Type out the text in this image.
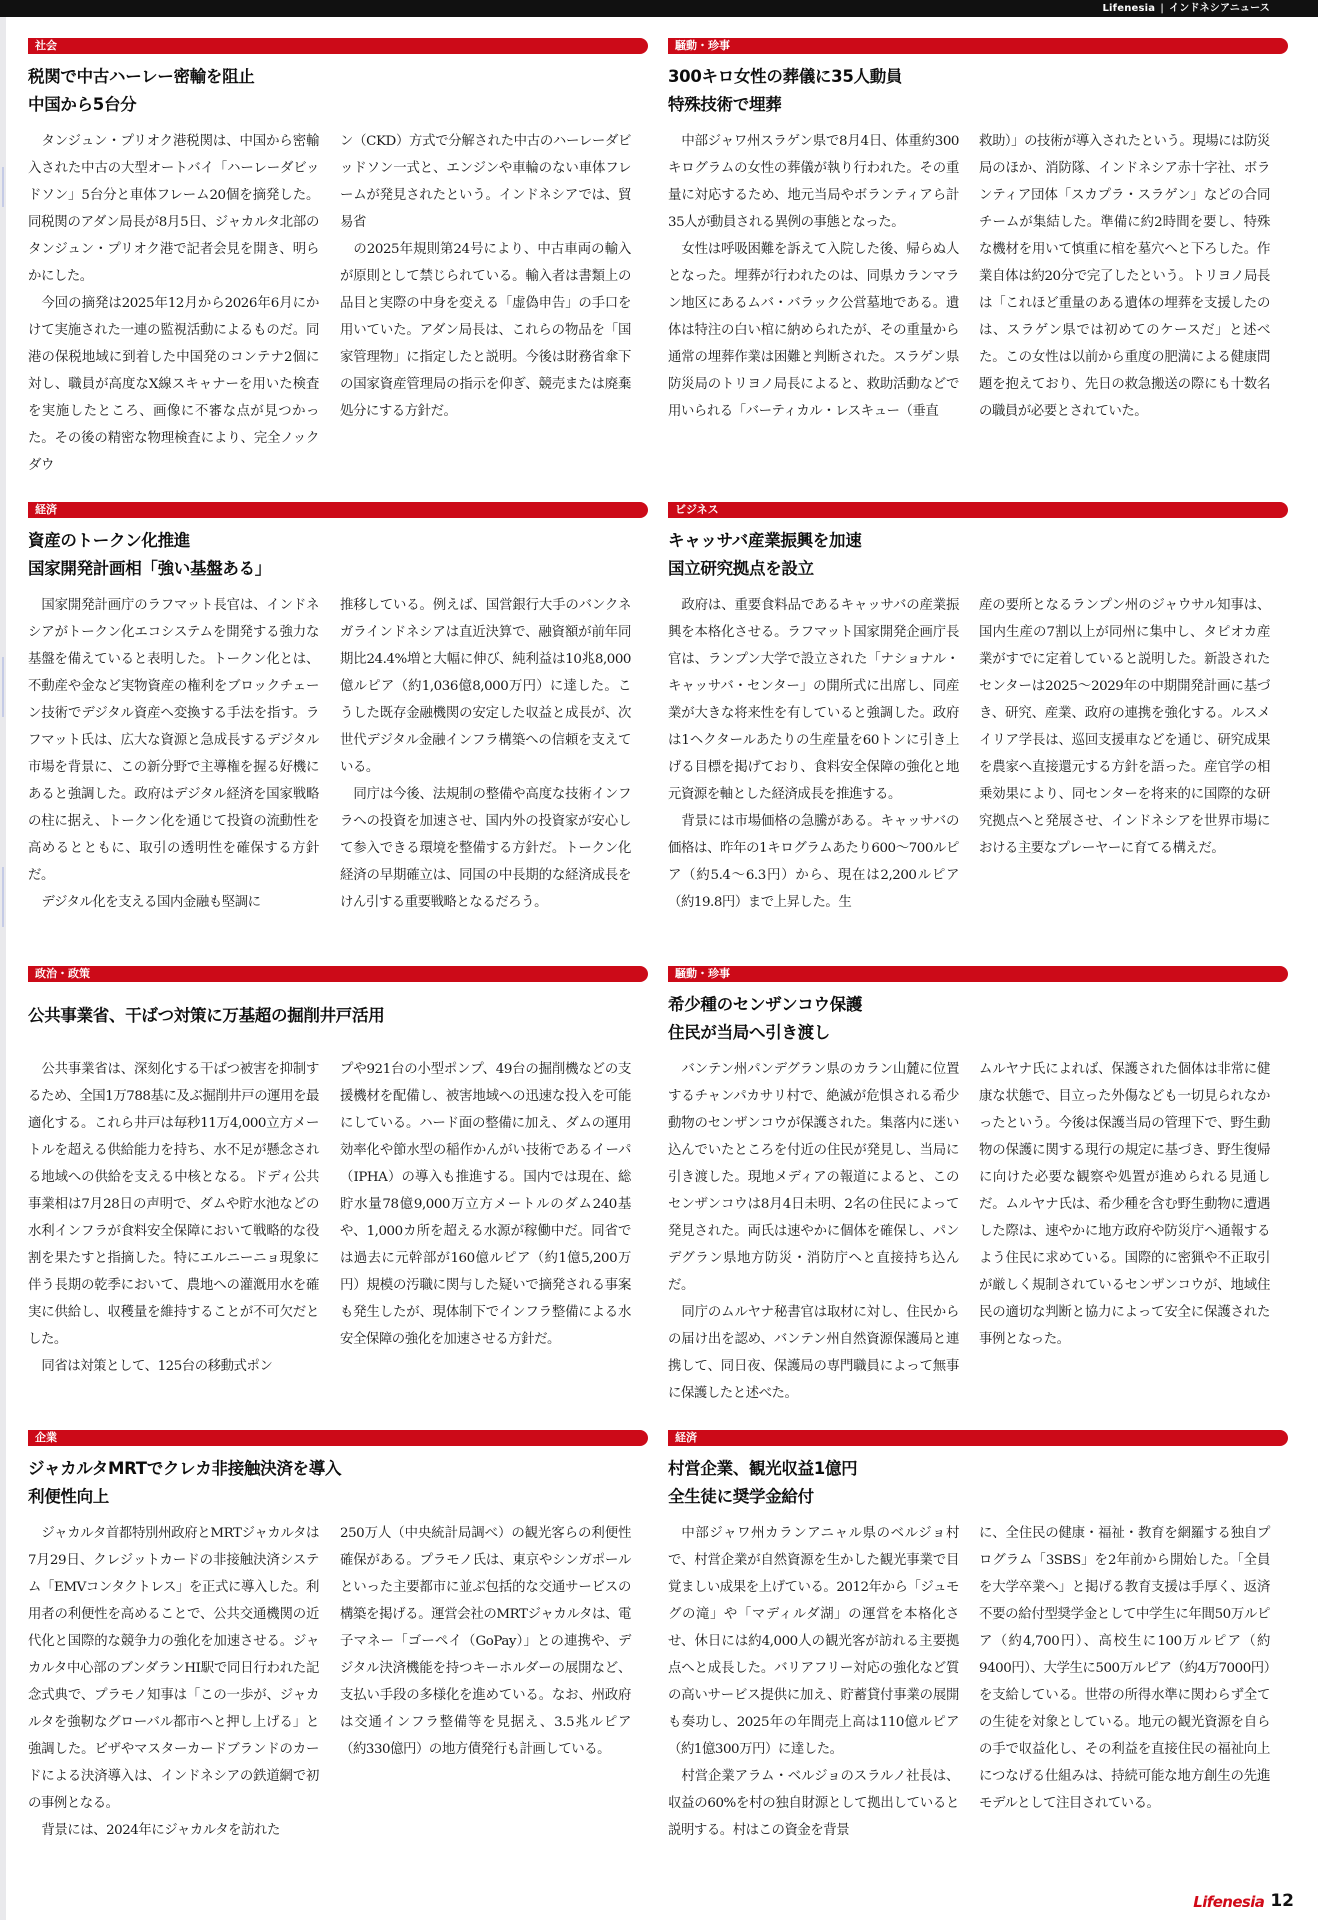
Lifenesia | インドネシアニュース
社会
税関で中古ハーレー密輸を阻止
中国から5台分

タンジュン・プリオク港税関は、中国から密輸入された中古の大型オートバイ「ハーレーダビッドソン」5台分と車体フレーム20個を摘発した。同税関のアダン局長が8月5日、ジャカルタ北部のタンジュン・プリオク港で記者会見を開き、明らかにした。

今回の摘発は2025年12月から2026年6月にかけて実施された一連の監視活動によるものだ。同港の保税地域に到着した中国発のコンテナ2個に対し、職員が高度なX線スキャナーを用いた検査を実施したところ、画像に不審な点が見つかった。その後の精密な物理検査により、完全ノックダウ

ン（CKD）方式で分解された中古のハーレーダビッドソン一式と、エンジンや車輪のない車体フレームが発見されたという。インドネシアでは、貿易省

の2025年規則第24号により、中古車両の輸入が原則として禁じられている。輸入者は書類上の品目と実際の中身を変える「虚偽申告」の手口を用いていた。アダン局長は、これらの物品を「国家管理物」に指定したと説明。今後は財務省傘下の国家資産管理局の指示を仰ぎ、競売または廃棄処分にする方針だ。

騒動・珍事
300キロ女性の葬儀に35人動員
特殊技術で埋葬

中部ジャワ州スラゲン県で8月4日、体重約300キログラムの女性の葬儀が執り行われた。その重量に対応するため、地元当局やボランティアら計35人が動員される異例の事態となった。

女性は呼吸困難を訴えて入院した後、帰らぬ人となった。埋葬が行われたのは、同県カランマラン地区にあるムバ・バラック公営墓地である。遺体は特注の白い棺に納められたが、その重量から通常の埋葬作業は困難と判断された。スラゲン県防災局のトリヨノ局長によると、救助活動などで用いられる「バーティカル・レスキュー（垂直

救助）」の技術が導入されたという。現場には防災局のほか、消防隊、インドネシア赤十字社、ボランティア団体「スカプラ・スラゲン」などの合同チームが集結した。準備に約2時間を要し、特殊な機材を用いて慎重に棺を墓穴へと下ろした。作業自体は約20分で完了したという。トリヨノ局長は「これほど重量のある遺体の埋葬を支援したのは、スラゲン県では初めてのケースだ」と述べた。この女性は以前から重度の肥満による健康問題を抱えており、先日の救急搬送の際にも十数名の職員が必要とされていた。

経済
資産のトークン化推進
国家開発計画相「強い基盤ある」

国家開発計画庁のラフマット長官は、インドネシアがトークン化エコシステムを開発する強力な基盤を備えていると表明した。トークン化とは、不動産や金など実物資産の権利をブロックチェーン技術でデジタル資産へ変換する手法を指す。ラフマット氏は、広大な資源と急成長するデジタル市場を背景に、この新分野で主導権を握る好機にあると強調した。政府はデジタル経済を国家戦略の柱に据え、トークン化を通じて投資の流動性を高めるとともに、取引の透明性を確保する方針だ。

デジタル化を支える国内金融も堅調に

推移している。例えば、国営銀行大手のバンクネガラインドネシアは直近決算で、融資額が前年同期比24.4%増と大幅に伸び、純利益は10兆8,000億ルピア（約1,036億8,000万円）に達した。こうした既存金融機関の安定した収益と成長が、次世代デジタル金融インフラ構築への信頼を支えている。

同庁は今後、法規制の整備や高度な技術インフラへの投資を加速させ、国内外の投資家が安心して参入できる環境を整備する方針だ。トークン化経済の早期確立は、同国の中長期的な経済成長をけん引する重要戦略となるだろう。

ビジネス
キャッサバ産業振興を加速
国立研究拠点を設立

政府は、重要食料品であるキャッサバの産業振興を本格化させる。ラフマット国家開発企画庁長官は、ランプン大学で設立された「ナショナル・キャッサバ・センター」の開所式に出席し、同産業が大きな将来性を有していると強調した。政府は1ヘクタールあたりの生産量を60トンに引き上げる目標を掲げており、食料安全保障の強化と地元資源を軸とした経済成長を推進する。

背景には市場価格の急騰がある。キャッサバの価格は、昨年の1キログラムあたり600～700ルピア（約5.4～6.3円）から、現在は2,200ルピア（約19.8円）まで上昇した。生

産の要所となるランプン州のジャウサル知事は、国内生産の7割以上が同州に集中し、タピオカ産業がすでに定着していると説明した。新設されたセンターは2025～2029年の中期開発計画に基づき、研究、産業、政府の連携を強化する。ルスメイリア学長は、巡回支援車などを通じ、研究成果を農家へ直接還元する方針を語った。産官学の相乗効果により、同センターを将来的に国際的な研究拠点へと発展させ、インドネシアを世界市場における主要なプレーヤーに育てる構えだ。

政治・政策
公共事業省、干ばつ対策に万基超の掘削井戸活用

公共事業省は、深刻化する干ばつ被害を抑制するため、全国1万788基に及ぶ掘削井戸の運用を最適化する。これら井戸は毎秒11万4,000立方メートルを超える供給能力を持ち、水不足が懸念される地域への供給を支える中核となる。ドディ公共事業相は7月28日の声明で、ダムや貯水池などの水利インフラが食料安全保障において戦略的な役割を果たすと指摘した。特にエルニーニョ現象に伴う長期の乾季において、農地への灌漑用水を確実に供給し、収穫量を維持することが不可欠だとした。

同省は対策として、125台の移動式ポン

プや921台の小型ポンプ、49台の掘削機などの支援機材を配備し、被害地域への迅速な投入を可能にしている。ハード面の整備に加え、ダムの運用効率化や節水型の稲作かんがい技術であるイーパ（IPHA）の導入も推進する。国内では現在、総貯水量78億9,000万立方メートルのダム240基や、1,000カ所を超える水源が稼働中だ。同省では過去に元幹部が160億ルピア（約1億5,200万円）規模の汚職に関与した疑いで摘発される事案も発生したが、現体制下でインフラ整備による水安全保障の強化を加速させる方針だ。

騒動・珍事
希少種のセンザンコウ保護
住民が当局へ引き渡し

バンテン州パンデグラン県のカラン山麓に位置するチャンパカサリ村で、絶滅が危惧される希少動物のセンザンコウが保護された。集落内に迷い込んでいたところを付近の住民が発見し、当局に引き渡した。現地メディアの報道によると、このセンザンコウは8月4日未明、2名の住民によって発見された。両氏は速やかに個体を確保し、パンデグラン県地方防災・消防庁へと直接持ち込んだ。

同庁のムルヤナ秘書官は取材に対し、住民からの届け出を認め、バンテン州自然資源保護局と連携して、同日夜、保護局の専門職員によって無事に保護したと述べた。

ムルヤナ氏によれば、保護された個体は非常に健康な状態で、目立った外傷なども一切見られなかったという。今後は保護当局の管理下で、野生動物の保護に関する現行の規定に基づき、野生復帰に向けた必要な観察や処置が進められる見通しだ。ムルヤナ氏は、希少種を含む野生動物に遭遇した際は、速やかに地方政府や防災庁へ通報するよう住民に求めている。国際的に密猟や不正取引が厳しく規制されているセンザンコウが、地域住民の適切な判断と協力によって安全に保護された事例となった。

企業
ジャカルタMRTでクレカ非接触決済を導入
利便性向上

ジャカルタ首都特別州政府とMRTジャカルタは7月29日、クレジットカードの非接触決済システム「EMVコンタクトレス」を正式に導入した。利用者の利便性を高めることで、公共交通機関の近代化と国際的な競争力の強化を加速させる。ジャカルタ中心部のブンダランHI駅で同日行われた記念式典で、プラモノ知事は「この一歩が、ジャカルタを強靭なグローバル都市へと押し上げる」と強調した。ビザやマスターカードブランドのカードによる決済導入は、インドネシアの鉄道網で初の事例となる。

背景には、2024年にジャカルタを訪れた

250万人（中央統計局調べ）の観光客らの利便性確保がある。プラモノ氏は、東京やシンガポールといった主要都市に並ぶ包括的な交通サービスの構築を掲げる。運営会社のMRTジャカルタは、電子マネー「ゴーペイ（GoPay）」との連携や、デジタル決済機能を持つキーホルダーの展開など、支払い手段の多様化を進めている。なお、州政府は交通インフラ整備等を見据え、3.5兆ルピア（約330億円）の地方債発行も計画している。

経済
村営企業、観光収益1億円
全生徒に奨学金給付

中部ジャワ州カランアニャル県のベルジョ村で、村営企業が自然資源を生かした観光事業で目覚ましい成果を上げている。2012年から「ジュモグの滝」や「マディルダ湖」の運営を本格化させ、休日には約4,000人の観光客が訪れる主要拠点へと成長した。バリアフリー対応の強化など質の高いサービス提供に加え、貯蓄貸付事業の展開も奏功し、2025年の年間売上高は110億ルピア（約1億300万円）に達した。

村営企業アラム・ベルジョのスラルノ社長は、収益の60%を村の独自財源として拠出していると説明する。村はこの資金を背景

に、全住民の健康・福祉・教育を網羅する独自プログラム「3SBS」を2年前から開始した。「全員を大学卒業へ」と掲げる教育支援は手厚く、返済不要の給付型奨学金として中学生に年間50万ルピア（約4,700円）、高校生に100万ルピア（約9400円）、大学生に500万ルピア（約4万7000円）を支給している。世帯の所得水準に関わらず全ての生徒を対象としている。地元の観光資源を自らの手で収益化し、その利益を直接住民の福祉向上につなげる仕組みは、持続可能な地方創生の先進モデルとして注目されている。

Lifenesia 12
